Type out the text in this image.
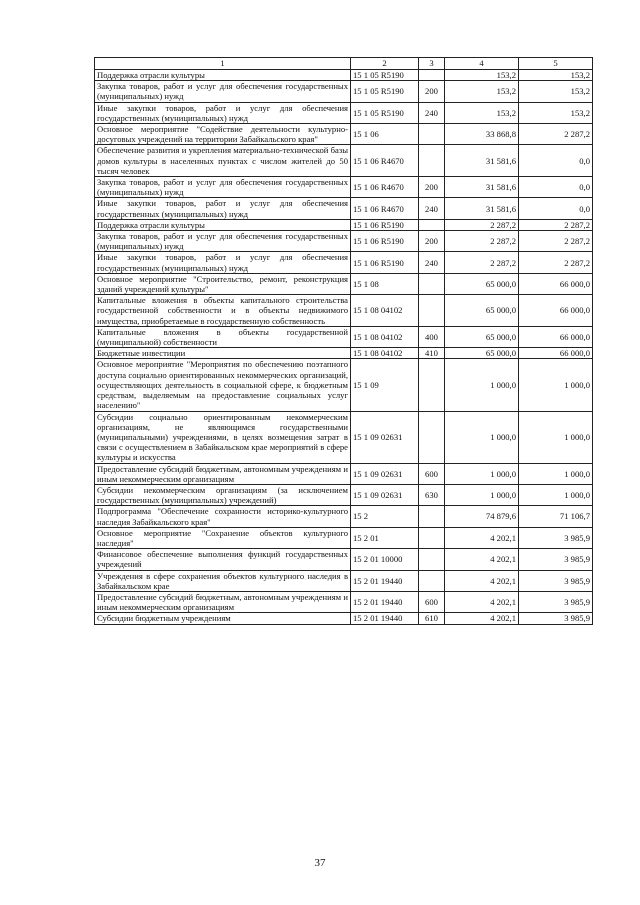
1	2	3	4	5
Поддержка отрасли культуры	15 1 05 R5190		153,2	153,2
Закупка товаров, работ и услуг для обеспечения государственных (муниципальных) нужд	15 1 05 R5190	200	153,2	153,2
Иные закупки товаров, работ и услуг для обеспечения государственных (муниципальных) нужд	15 1 05 R5190	240	153,2	153,2
Основное мероприятие "Содействие деятельности культурно-досуговых учреждений на территории Забайкальского края"	15 1 06		33 868,8	2 287,2
Обеспечение развития и укрепления материально-технической базы домов культуры в населенных пунктах с числом жителей до 50 тысяч человек	15 1 06 R4670		31 581,6	0,0
Закупка товаров, работ и услуг для обеспечения государственных (муниципальных) нужд	15 1 06 R4670	200	31 581,6	0,0
Иные закупки товаров, работ и услуг для обеспечения государственных (муниципальных) нужд	15 1 06 R4670	240	31 581,6	0,0
Поддержка отрасли культуры	15 1 06 R5190		2 287,2	2 287,2
Закупка товаров, работ и услуг для обеспечения государственных (муниципальных) нужд	15 1 06 R5190	200	2 287,2	2 287,2
Иные закупки товаров, работ и услуг для обеспечения государственных (муниципальных) нужд	15 1 06 R5190	240	2 287,2	2 287,2
Основное мероприятие "Строительство, ремонт, реконструкция зданий учреждений культуры"	15 1 08		65 000,0	66 000,0
Капитальные вложения в объекты капитального строительства государственной собственности и в объекты недвижимого имущества, приобретаемые в государственную собственность	15 1 08 04102		65 000,0	66 000,0
Капитальные вложения в объекты государственной (муниципальной) собственности	15 1 08 04102	400	65 000,0	66 000,0
Бюджетные инвестиции	15 1 08 04102	410	65 000,0	66 000,0
Основное мероприятие "Мероприятия по обеспечению поэтапного доступа социально ориентированных некоммерческих организаций, осуществляющих деятельность в социальной сфере, к бюджетным средствам, выделяемым на предоставление социальных услуг населению"	15 1 09		1 000,0	1 000,0
Субсидии социально ориентированным некоммерческим организациям, не являющимся государственными (муниципальными) учреждениями, в целях возмещения затрат в связи с осуществлением в Забайкальском крае мероприятий в сфере культуры и искусства	15 1 09 02631		1 000,0	1 000,0
Предоставление субсидий бюджетным, автономным учреждениям и иным некоммерческим организациям	15 1 09 02631	600	1 000,0	1 000,0
Субсидии некоммерческим организациям (за исключением государственных (муниципальных) учреждений)	15 1 09 02631	630	1 000,0	1 000,0
Подпрограмма "Обеспечение сохранности историко-культурного наследия Забайкальского края"	15 2		74 879,6	71 106,7
Основное мероприятие "Сохранение объектов культурного наследия"	15 2 01		4 202,1	3 985,9
Финансовое обеспечение выполнения функций государственных учреждений	15 2 01 10000		4 202,1	3 985,9
Учреждения в сфере сохранения объектов культурного наследия в Забайкальском крае	15 2 01 19440		4 202,1	3 985,9
Предоставление субсидий бюджетным, автономным учреждениям и иным некоммерческим организациям	15 2 01 19440	600	4 202,1	3 985,9
Субсидии бюджетным учреждениям	15 2 01 19440	610	4 202,1	3 985,9
37
